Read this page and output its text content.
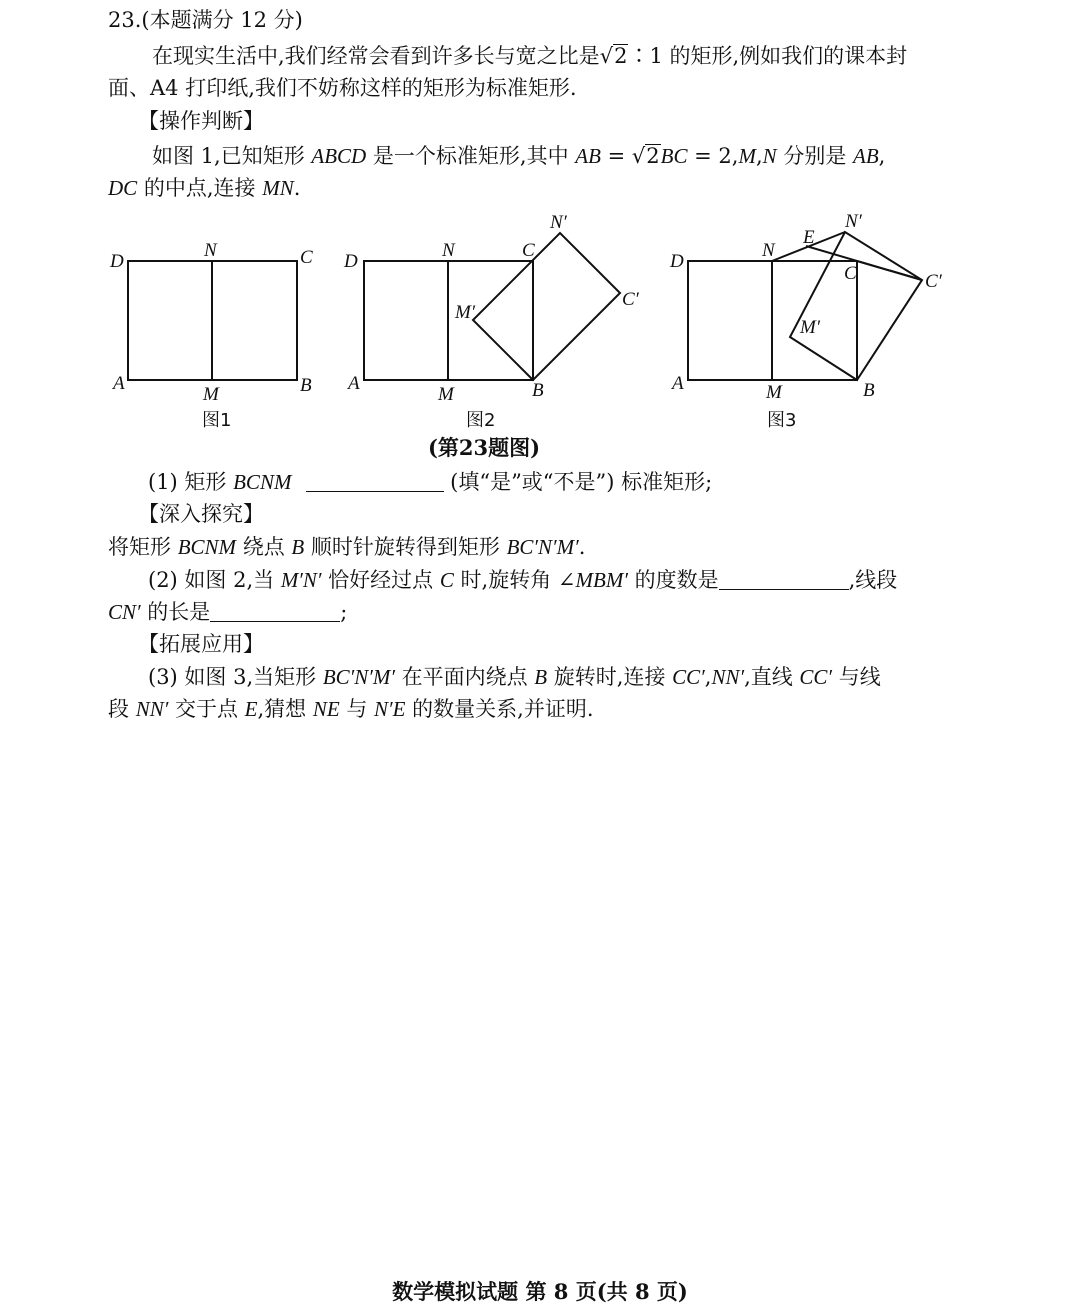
23.(本题满分 12 分)
在现实生活中,我们经常会看到许多长与宽之比是√2∶1 的矩形,例如我们的课本封
面、A4 打印纸,我们不妨称这样的矩形为标准矩形.
【操作判断】
如图 1,已知矩形 ABCD 是一个标准矩形,其中 AB = √2BC = 2,M,N 分别是 AB,
DC 的中点,连接 MN.
D
N	C
A
M	B
图1
D
N	C
N′
C′
M′
A
M	B
图2
D
N
E
N′
C	C′
M′
A	M	B
图3
(第23题图)
(1) 矩形 BCNM	(填“是”或“不是”) 标准矩形;
【深入探究】
将矩形 BCNM 绕点 B 顺时针旋转得到矩形 BC′N′M′.
(2) 如图 2,当 M′N′ 恰好经过点 C 时,旋转角 ∠MBM′ 的度数是	,线段
CN′ 的长是	;
【拓展应用】
(3) 如图 3,当矩形 BC′N′M′ 在平面内绕点 B 旋转时,连接 CC′,NN′,直线 CC′ 与线
段 NN′ 交于点 E,猜想 NE 与 N′E 的数量关系,并证明.
数学模拟试题 第 8 页(共 8 页)
